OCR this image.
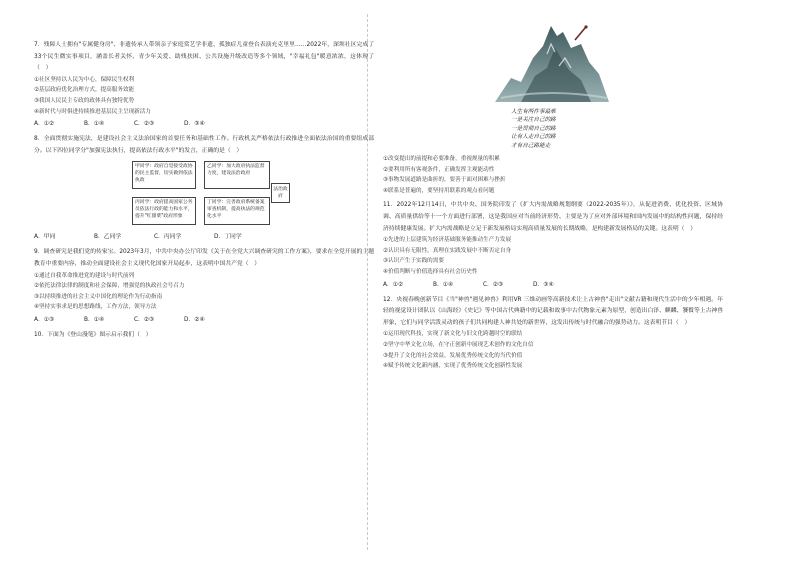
7．残障人士拥有"专属健身房"、非遗传承人带领亲子家庭赏艺学非遗、孤独症儿童登台表演充克里里……2022年，深圳社区完成了33个民生微实事项目，涵盖长者关怀、青少年关爱、助残扶困、公共设施升级改造等多个领域，"幸福礼包"暖意浓浓，这体现了（　）

①社区坚持以人民为中心，保障民生权利

②基层政府优化治理方式，提高服务效能

③我国人民民主专政的政体具有独特优势

④新时代与时俱进持续推进基层民主呈现新活力

A．①②	B．①④	C．②③	D．③④

8．全面贯彻实施宪法，是建设社会主义法治国家的首要任务和基础性工作。行政机关严格依法行政推进全面依法治国的重要组成部分。以下四位同学分"加强宪法执行，提高依法行政水平"的发言，正确的是（　）

甲同学：政府自觉接受政协的民主监督，切实做到依法执政
乙同学：加大政府执法监督力度，建设法治政府
丙同学：政府提高国家公务员依法行政的能力和水平，提升"红甜菜"政府形象
丁同学：完善政府系统备案审查机制，提高执法的规范化水平
法治政府
A．甲同	B．乙同学	C．丙同学	D．丁同学

9．调查研究是我们党的传家宝。2023年3月，中共中央办公厅印发《关于在全党大兴调查研究的工作方案》，要求在全党开展的主题教育中重要内容，推动全面建设社会主义现代化国家开局起步，这表明中国共产党（　）

①通过自我革命推进党的建设与时代前列

②依托法律法律的制度和社会保障，增强党的执政社会号召力

③以持续推进的社会主义中国化的理论作为行动指南

④坚持实事求是的思想路线，工作方法，领导方法

A．①③	B．①④	C．②③	D．②④

10．下面为《登山漫笔》图示启示我们（　）

人生有两件事最难
一是关注自己的路
一是贯彻自己的路
让有人走自己的路
才有自己路能走

①改变提出的前提和必要准备，重视规量的积累

②要利用所有客观条件，正确发挥主观能动性

③事物发展道路是曲折的，要善于面对困难与挫折

④联系是普遍的，要坚持用联系的观点看问题

11．2022年12月14日，中共中央、国务院印发了《扩大内需战略规划纲要（2022-2035年）》，从促进消费、优化投资、区域协调、高质量供给等十一个方面进行部署，这是我国应对当前经济形势、主要是为了应对外部环境和国内发展中的结构性问题，保持经济持续健康发展。扩大内需战略是立足于新发展格局实现高质量发展的长期战略，是构建新发展格局的关键。这表明（　）

①先进的上层建筑为经济基础服务能推动生产力发展

②认识具有无限性，真理在实践发展中不断否定自身

③认识产生于实践的需要

④价值判断与价值选择具有社会历史性

A．①②	B．①④	C．②③	D．③④

12．央视春晚创新节目《当"神兽"遇见神兽》利用VR 三维动画等高新技术让上古神兽"走出"文献古籍和现代生活中的少年相遇。年轻的视觉设计团队以《山海经》《史记》等中国古代典籍中的记载和故事中古代物象元素为原型，创造出白泽、麒麟、饕餮等上古神兽形象，它们与同学活泼灵动的孩子们共同构建人神共处的新世界，这发出传统与时代融合的强势动力。这表明节目（　）

①运用现代科技，实现了新文化与旧文化跨越时空的联结

②坚守中华文化立场，在守正创新中展现艺术创作的文化自信

③提升了文化的社会效益，发展优秀传统文化的当代价值

④赋予传统文化新内涵，实现了优秀传统文化创新性发展
